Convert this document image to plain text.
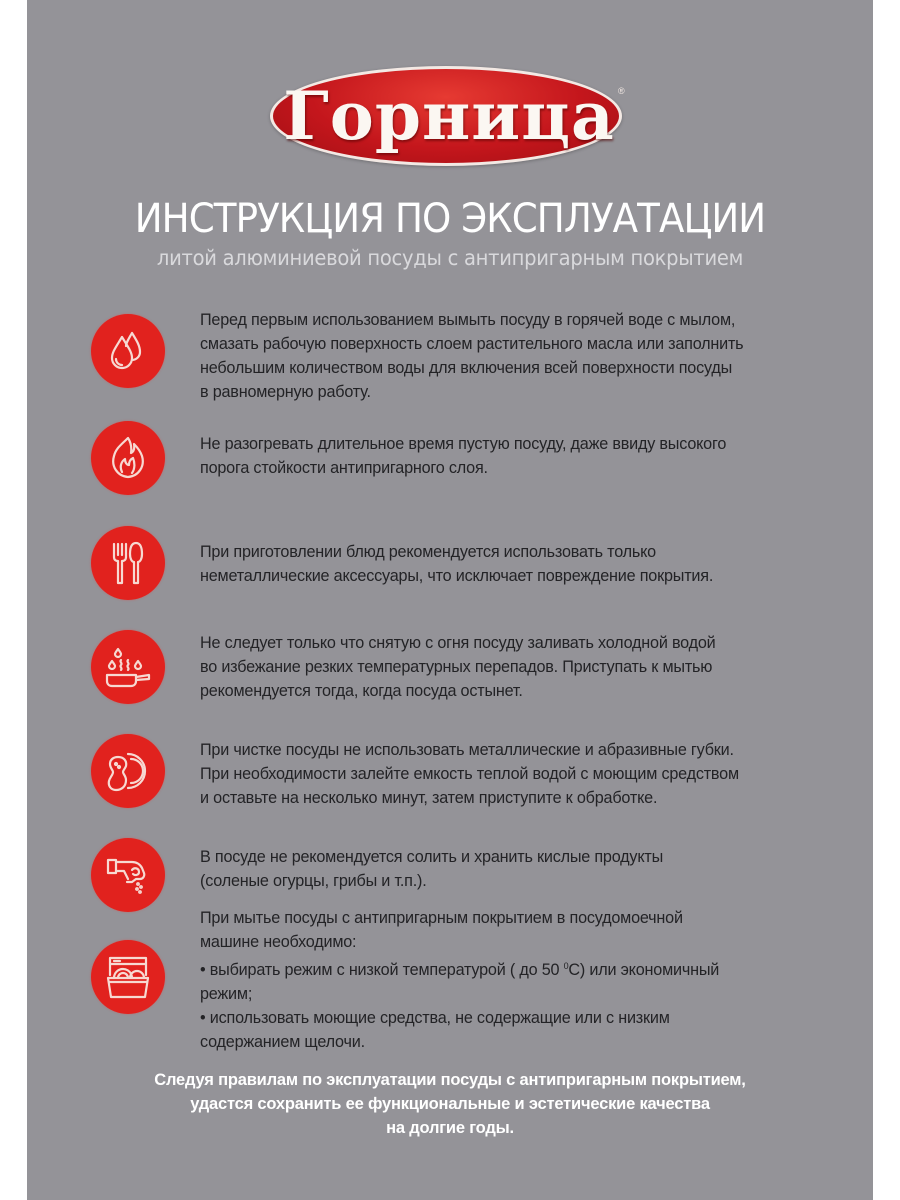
Горница ®
ИНСТРУКЦИЯ ПО ЭКСПЛУАТАЦИИ
литой алюминиевой посуды с антипригарным покрытием
Перед первым использованием вымыть посуду в горячей воде с мылом,
смазать рабочую поверхность слоем растительного масла или заполнить
небольшим количеством воды для включения всей поверхности посуды
в равномерную работу.
Не разогревать длительное время пустую посуду, даже ввиду высокого
порога стойкости антипригарного слоя.
При приготовлении блюд рекомендуется использовать только
неметаллические аксессуары, что исключает повреждение покрытия.
Не следует только что снятую с огня посуду заливать холодной водой
во избежание резких температурных перепадов. Приступать к мытью
рекомендуется тогда, когда посуда остынет.
При чистке посуды не использовать металлические и абразивные губки.
При необходимости залейте емкость теплой водой с моющим средством
и оставьте на несколько минут, затем приступите к обработке.
В посуде не рекомендуется солить и хранить кислые продукты
(соленые огурцы, грибы и т.п.).
При мытье посуды с антипригарным покрытием в посудомоечной
машине необходимо:
• выбирать режим с низкой температурой ( до 50 $^0$C) или экономичный
режим;
• использовать моющие средства, не содержащие или с низким
содержанием щелочи.
Следуя правилам по эксплуатации посуды с антипригарным покрытием,
удастся сохранить ее функциональные и эстетические качества
на долгие годы.
